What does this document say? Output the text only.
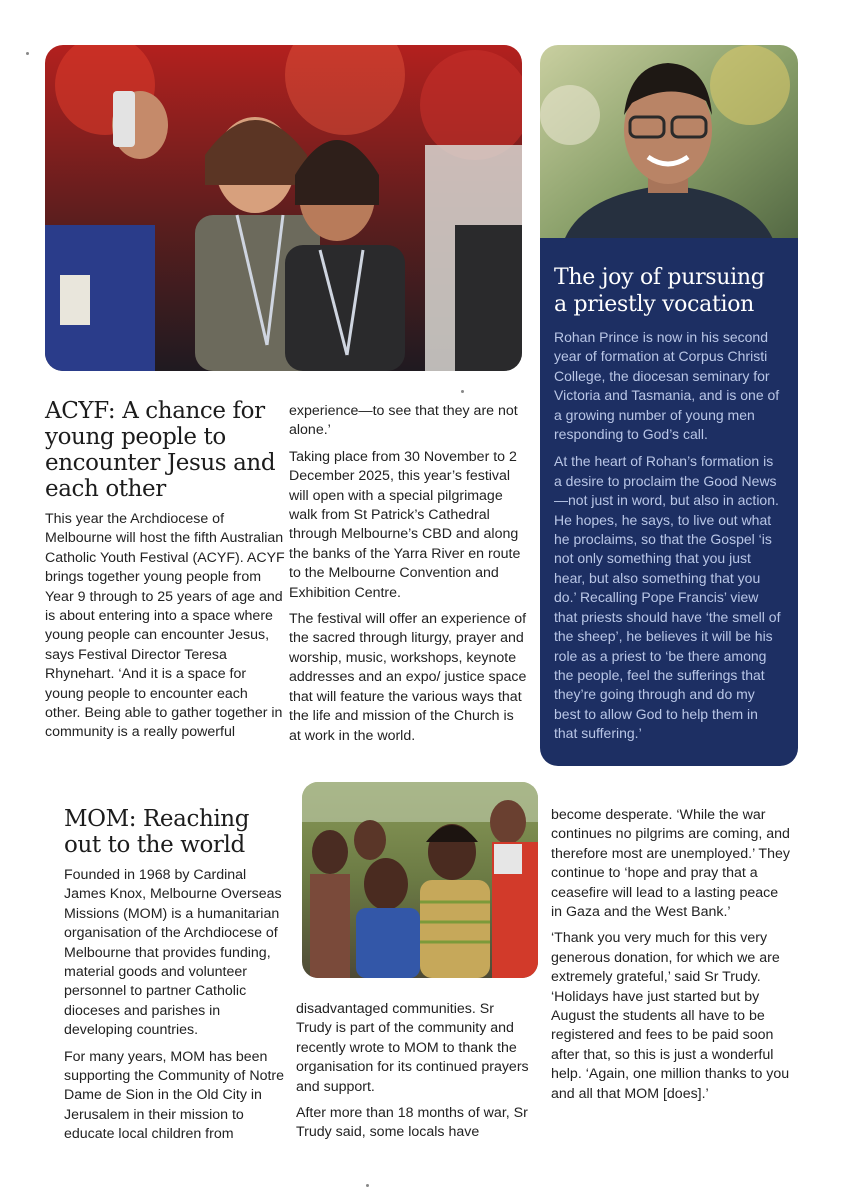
ACYF: A chance for young people to encounter Jesus and each other

This year the Archdiocese of Melbourne will host the fifth Australian Catholic Youth Festival (ACYF). ACYF brings together young people from Year 9 through to 25 years of age and is about entering into a space where young people can encounter Jesus, says Festival Director Teresa Rhynehart. ‘And it is a space for young people to encounter each other. Being able to gather together in community is a really powerful

experience—to see that they are not alone.’

Taking place from 30 November to 2 December 2025, this year’s festival will open with a special pilgrimage walk from St Patrick’s Cathedral through Melbourne’s CBD and along the banks of the Yarra River en route to the Melbourne Convention and Exhibition Centre.

The festival will offer an experience of the sacred through liturgy, prayer and worship, music, workshops, keynote addresses and an expo/ justice space that will feature the various ways that the life and mission of the Church is at work in the world.

The joy of pursuing a priestly vocation

Rohan Prince is now in his second year of formation at Corpus Christi College, the diocesan seminary for Victoria and Tasmania, and is one of a growing number of young men responding to God’s call.

At the heart of Rohan’s formation is a desire to proclaim the Good News—not just in word, but also in action. He hopes, he says, to live out what he proclaims, so that the Gospel ‘is not only something that you just hear, but also something that you do.’ Recalling Pope Francis’ view that priests should have ‘the smell of the sheep’, he believes it will be his role as a priest to ‘be there among the people, feel the sufferings that they’re going through and do my best to allow God to help them in that suffering.’

MOM: Reaching out to the world

Founded in 1968 by Cardinal James Knox, Melbourne Overseas Missions (MOM) is a humanitarian organisation of the Archdiocese of Melbourne that provides funding, material goods and volunteer personnel to partner Catholic dioceses and parishes in developing countries.

For many years, MOM has been supporting the Community of Notre Dame de Sion in the Old City in Jerusalem in their mission to educate local children from

disadvantaged communities. Sr Trudy is part of the community and recently wrote to MOM to thank the organisation for its continued prayers and support.

After more than 18 months of war, Sr Trudy said, some locals have

become desperate. ‘While the war continues no pilgrims are coming, and therefore most are unemployed.’ They continue to ‘hope and pray that a ceasefire will lead to a lasting peace in Gaza and the West Bank.’

‘Thank you very much for this very generous donation, for which we are extremely grateful,’ said Sr Trudy. ‘Holidays have just started but by August the students all have to be registered and fees to be paid soon after that, so this is just a wonderful help. ‘Again, one million thanks to you and all that MOM [does].’
